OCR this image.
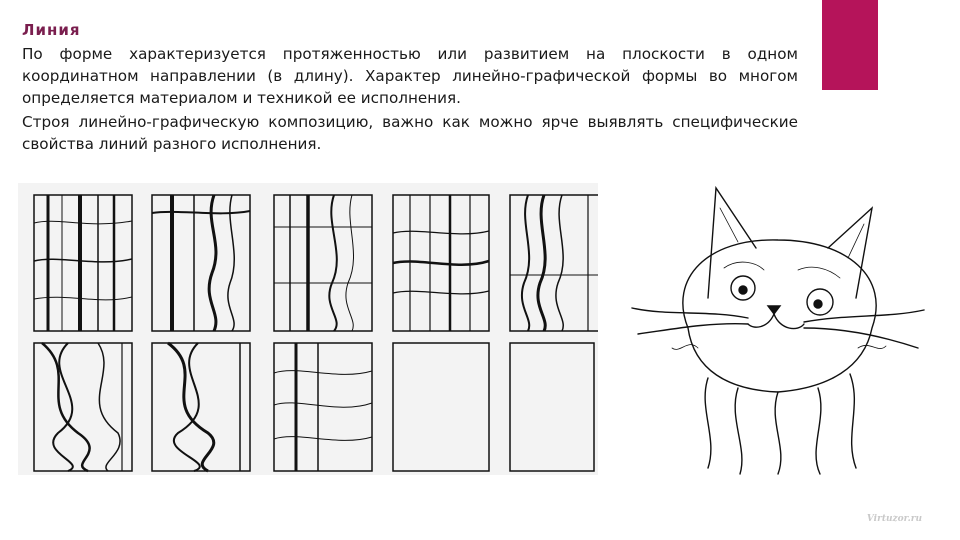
Линия

По форме характеризуется протяженностью или развитием на плоскости в одном координатном направлении (в длину). Характер линейно-графической формы во многом определяется материалом и техникой ее исполнения.

Строя линейно-графическую композицию, важно как можно ярче выявлять специфические свойства линий разного исполнения.

Virtuzor.ru
